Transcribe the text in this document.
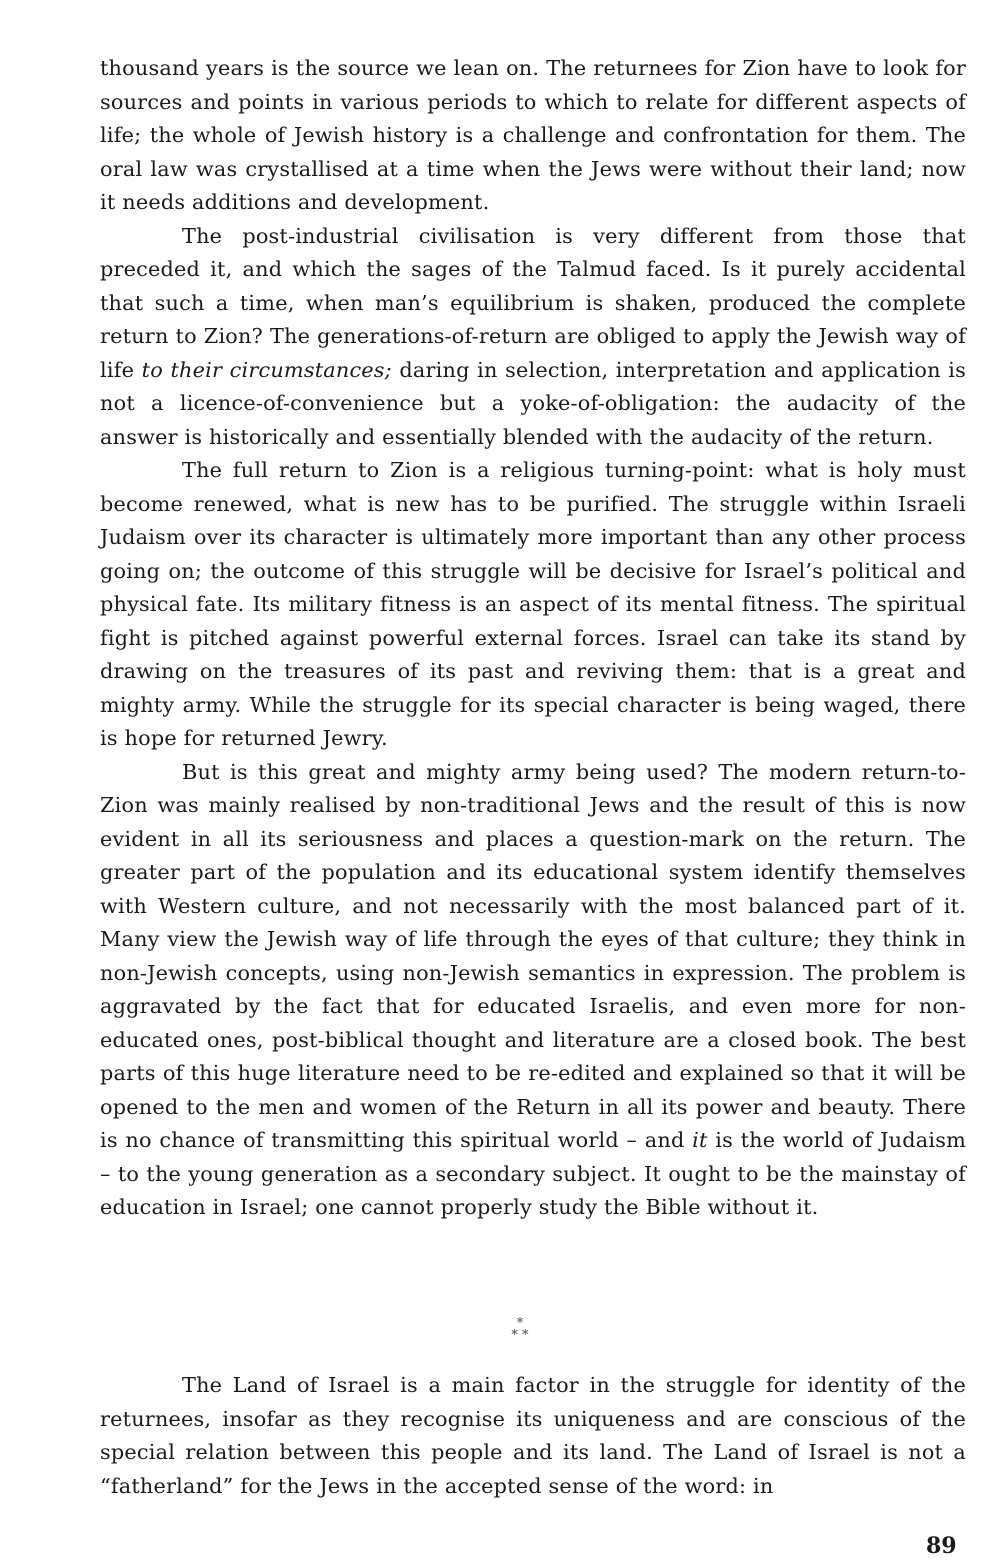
thousand years is the source we lean on. The returnees for Zion have to look for sources and points in various periods to which to relate for different aspects of life; the whole of Jewish history is a challenge and confrontation for them. The oral law was crystallised at a time when the Jews were without their land; now it needs additions and development.

The post-industrial civilisation is very different from those that preceded it, and which the sages of the Talmud faced. Is it purely accidental that such a time, when man’s equilibrium is shaken, produced the complete return to Zion? The generations-of-return are obliged to apply the Jewish way of life to their circumstances; daring in selection, interpretation and application is not a licence-of-convenience but a yoke-of-obligation: the audacity of the answer is historically and essentially blended with the audacity of the return.

The full return to Zion is a religious turning-point: what is holy must become renewed, what is new has to be purified. The struggle within Israeli Judaism over its character is ultimately more important than any other process going on; the outcome of this struggle will be decisive for Israel’s political and physical fate. Its military fitness is an aspect of its mental fitness. The spiritual fight is pitched against powerful external forces. Israel can take its stand by drawing on the treasures of its past and reviving them: that is a great and mighty army. While the struggle for its special character is being waged, there is hope for returned Jewry.

But is this great and mighty army being used? The modern return-to-Zion was mainly realised by non-traditional Jews and the result of this is now evident in all its seriousness and places a question-mark on the return. The greater part of the population and its educational system identify themselves with Western culture, and not necessarily with the most balanced part of it. Many view the Jewish way of life through the eyes of that culture; they think in non-Jewish concepts, using non-Jewish semantics in expression. The problem is aggravated by the fact that for educated Israelis, and even more for non-educated ones, post-biblical thought and literature are a closed book. The best parts of this huge literature need to be re-edited and explained so that it will be opened to the men and women of the Return in all its power and beauty. There is no chance of transmitting this spiritual world – and it is the world of Judaism – to the young generation as a secondary subject. It ought to be the mainstay of education in Israel; one cannot properly study the Bible without it.

*
* *

The Land of Israel is a main factor in the struggle for identity of the returnees, insofar as they recognise its uniqueness and are conscious of the special relation between this people and its land. The Land of Israel is not a “fatherland” for the Jews in the accepted sense of the word: in

89
